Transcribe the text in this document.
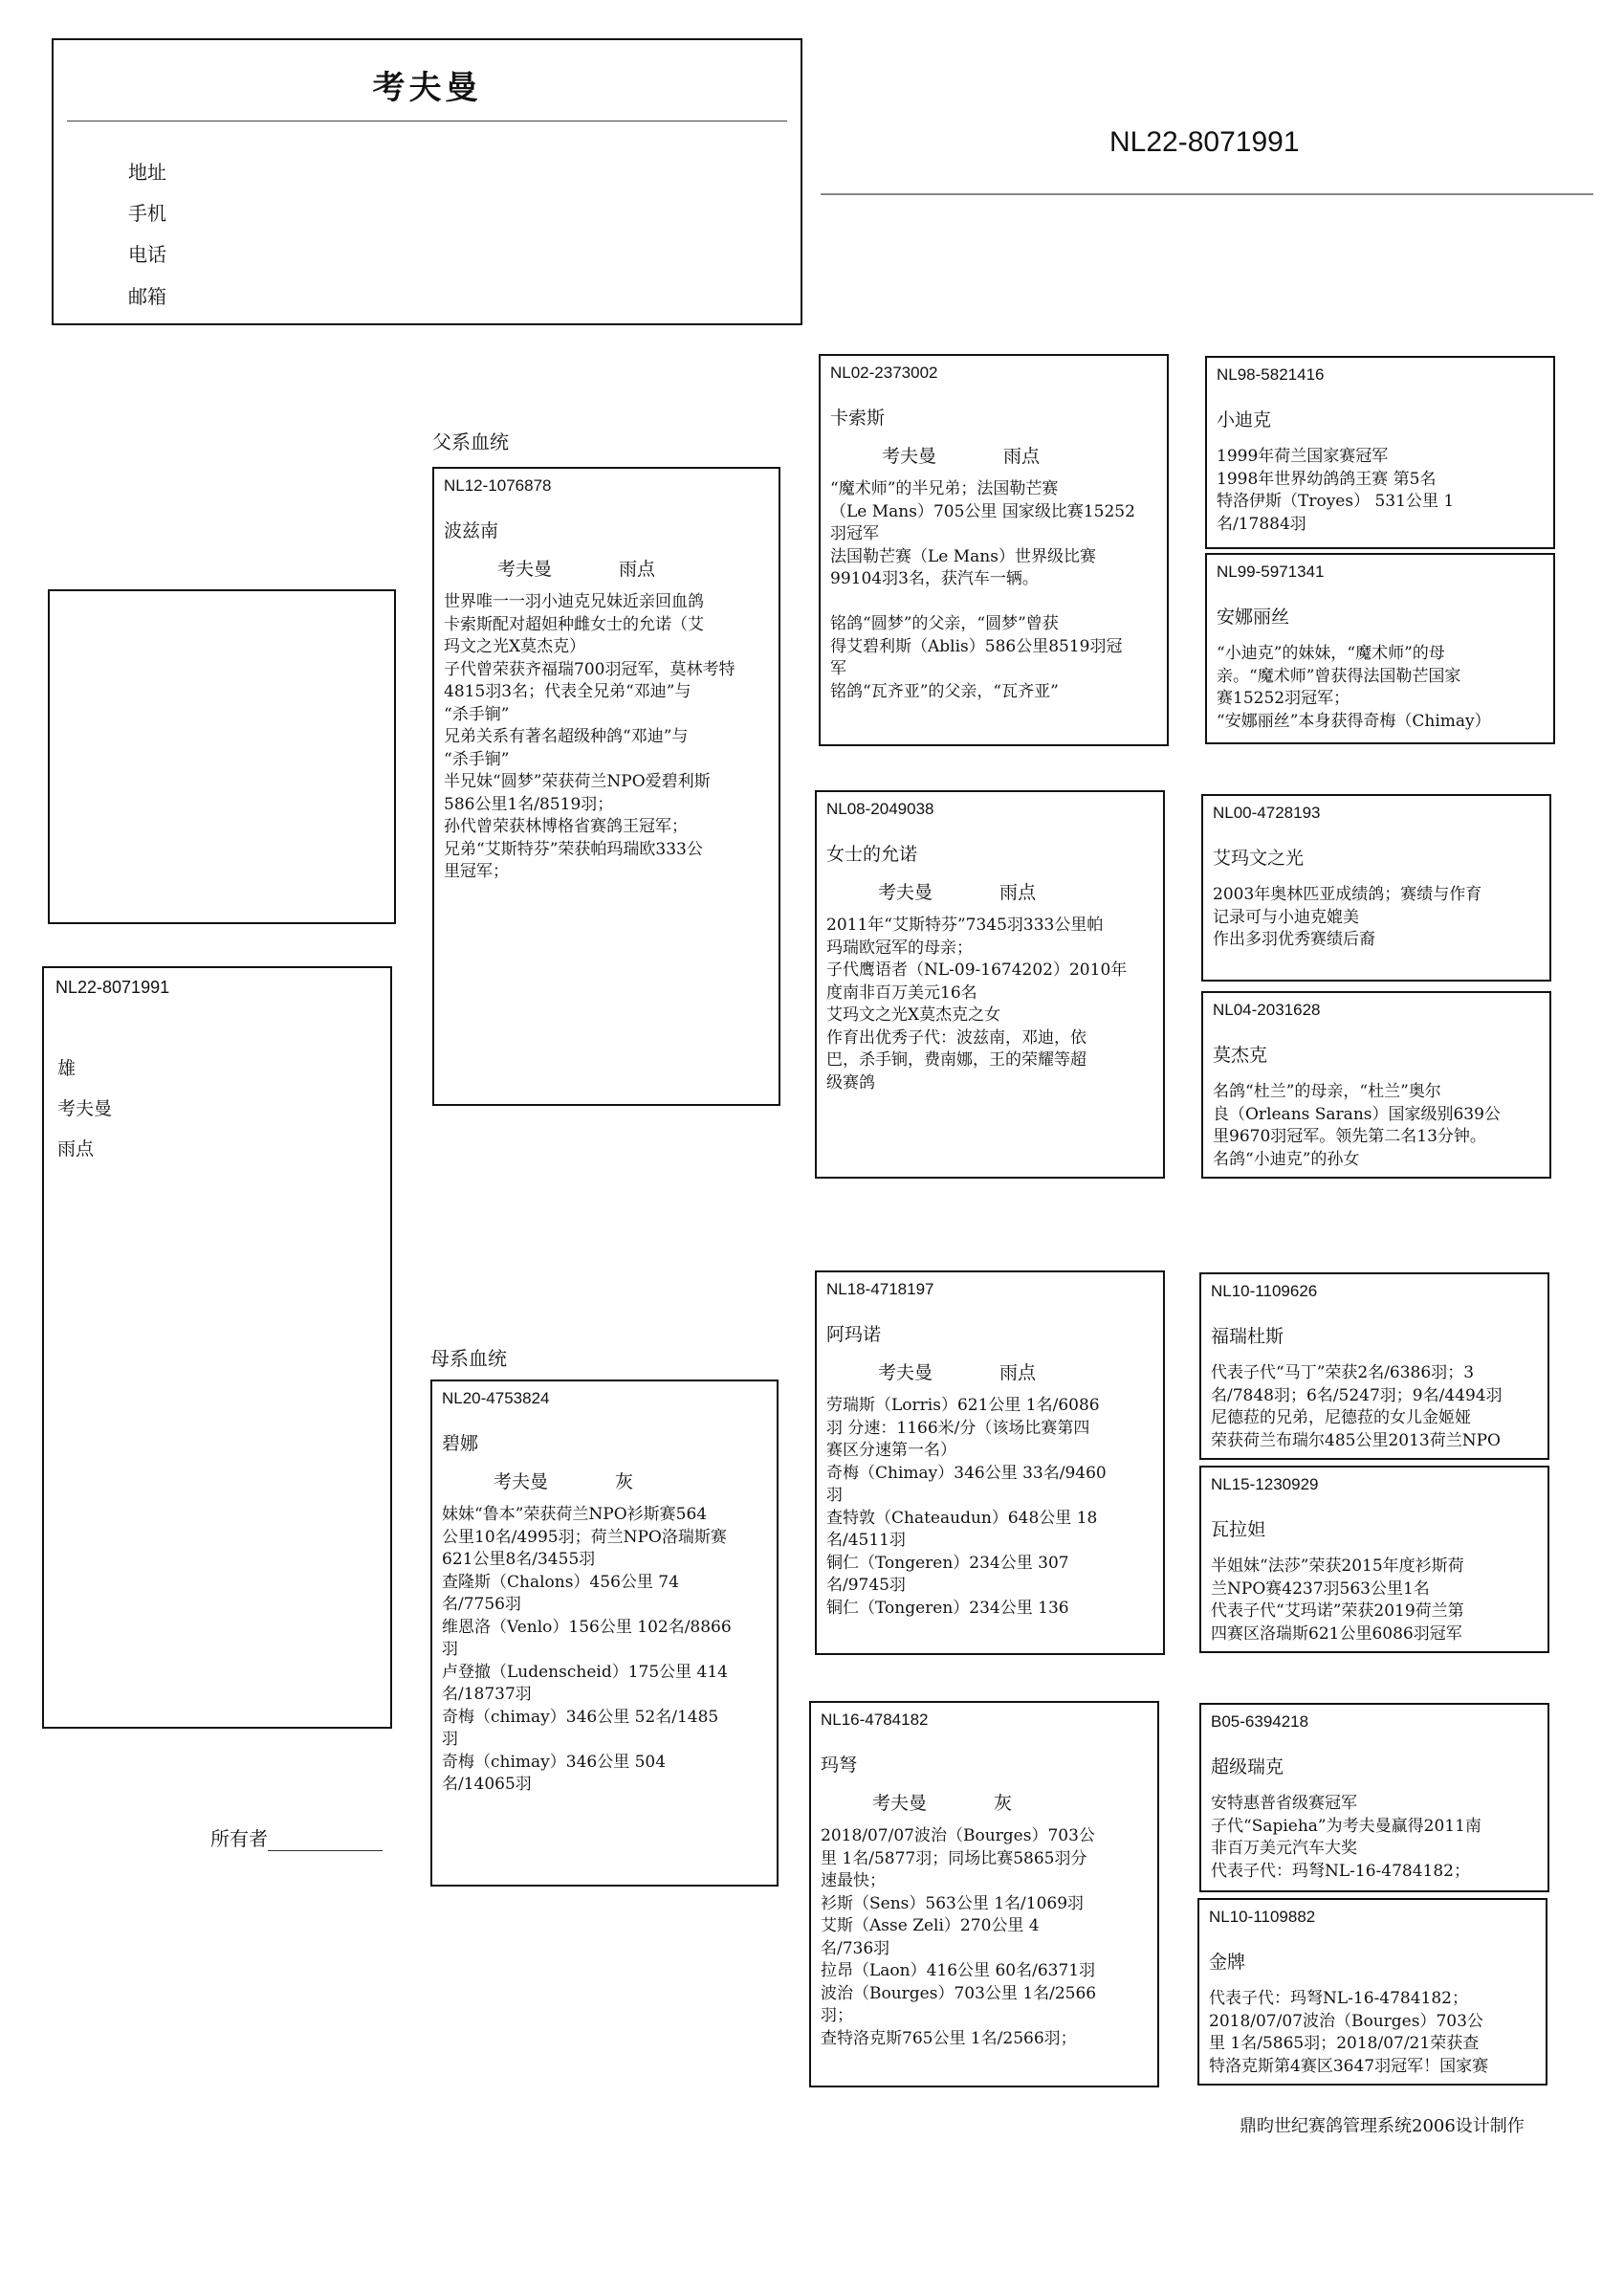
考夫曼
地址
手机
电话
邮箱
NL22-8071991
父系血统
母系血统
NL22-8071991
雄
考夫曼
雨点
NL12-1076878
波兹南
考夫曼	雨点
世界唯一一羽小迪克兄妹近亲回血鸽
卡索斯配对超妲种雌女士的允诺（艾
玛文之光X莫杰克）
子代曾荣获齐福瑞700羽冠军，莫林考特
4815羽3名；代表全兄弟“邓迪”与
“杀手锏”
兄弟关系有著名超级种鸽“邓迪”与
“杀手锏”
半兄妹“圆梦”荣获荷兰NPO爱碧利斯
586公里1名/8519羽；
孙代曾荣获林博格省赛鸽王冠军；
兄弟“艾斯特芬”荣获帕玛瑞欧333公
里冠军；
NL20-4753824
碧娜
考夫曼	灰
妹妹“鲁本”荣获荷兰NPO衫斯赛564
公里10名/4995羽；荷兰NPO洛瑞斯赛
621公里8名/3455羽
查隆斯（Chalons）456公里 74
名/7756羽
维恩洛（Venlo）156公里 102名/8866
羽
卢登撤（Ludenscheid）175公里 414
名/18737羽
奇梅（chimay）346公里 52名/1485
羽
奇梅（chimay）346公里 504
名/14065羽
NL02-2373002
卡索斯
考夫曼	雨点
“魔术师”的半兄弟；法国勒芒赛
（Le Mans）705公里 国家级比赛15252
羽冠军
法国勒芒赛（Le Mans）世界级比赛
99104羽3名，获汽车一辆。

铭鸽“圆梦”的父亲，“圆梦”曾获
得艾碧利斯（Ablis）586公里8519羽冠
军
铭鸽“瓦齐亚”的父亲，“瓦齐亚”
NL08-2049038
女士的允诺
考夫曼	雨点
2011年“艾斯特芬”7345羽333公里帕
玛瑞欧冠军的母亲；
子代鹰语者（NL-09-1674202）2010年
度南非百万美元16名
艾玛文之光X莫杰克之女
作育出优秀子代：波兹南，邓迪，依
巴，杀手锏，费南娜，王的荣耀等超
级赛鸽
NL18-4718197
阿玛诺
考夫曼	雨点
劳瑞斯（Lorris）621公里 1名/6086
羽 分速：1166米/分（该场比赛第四
赛区分速第一名）
奇梅（Chimay）346公里 33名/9460
羽
查特敦（Chateaudun）648公里 18
名/4511羽
铜仁（Tongeren）234公里 307
名/9745羽
铜仁（Tongeren）234公里 136
NL16-4784182
玛弩
考夫曼	灰
2018/07/07波治（Bourges）703公
里 1名/5877羽；同场比赛5865羽分
速最快；
衫斯（Sens）563公里 1名/1069羽
艾斯（Asse Zeli）270公里 4
名/736羽
拉昂（Laon）416公里 60名/6371羽
波治（Bourges）703公里 1名/2566
羽；
查特洛克斯765公里 1名/2566羽；
NL98-5821416
小迪克
1999年荷兰国家赛冠军
1998年世界幼鸽鸽王赛 第5名
特洛伊斯（Troyes） 531公里 1
名/17884羽
NL99-5971341
安娜丽丝
“小迪克”的妹妹，“魔术师”的母
亲。“魔术师”曾获得法国勒芒国家
赛15252羽冠军；
“安娜丽丝”本身获得奇梅（Chimay）
NL00-4728193
艾玛文之光
2003年奥林匹亚成绩鸽；赛绩与作育
记录可与小迪克媲美
作出多羽优秀赛绩后裔
NL04-2031628
莫杰克
名鸽“杜兰”的母亲，“杜兰”奥尔
良（Orleans Sarans）国家级别639公
里9670羽冠军。领先第二名13分钟。
名鸽“小迪克”的孙女
NL10-1109626
福瑞杜斯
代表子代“马丁”荣获2名/6386羽；3
名/7848羽；6名/5247羽；9名/4494羽
尼德菈的兄弟，尼德菈的女儿金姬娅
荣获荷兰布瑞尔485公里2013荷兰NPO
NL15-1230929
瓦拉妲
半姐妹“法莎”荣获2015年度衫斯荷
兰NPO赛4237羽563公里1名
代表子代“艾玛诺”荣获2019荷兰第
四赛区洛瑞斯621公里6086羽冠军
B05-6394218
超级瑞克
安特惠普省级赛冠军
子代“Sapieha”为考夫曼赢得2011南
非百万美元汽车大奖
代表子代：玛弩NL-16-4784182；
NL10-1109882
金牌
代表子代：玛弩NL-16-4784182；
2018/07/07波治（Bourges）703公
里 1名/5865羽；2018/07/21荣获查
特洛克斯第4赛区3647羽冠军！国家赛
所有者
鼎昀世纪赛鸽管理系统2006设计制作
